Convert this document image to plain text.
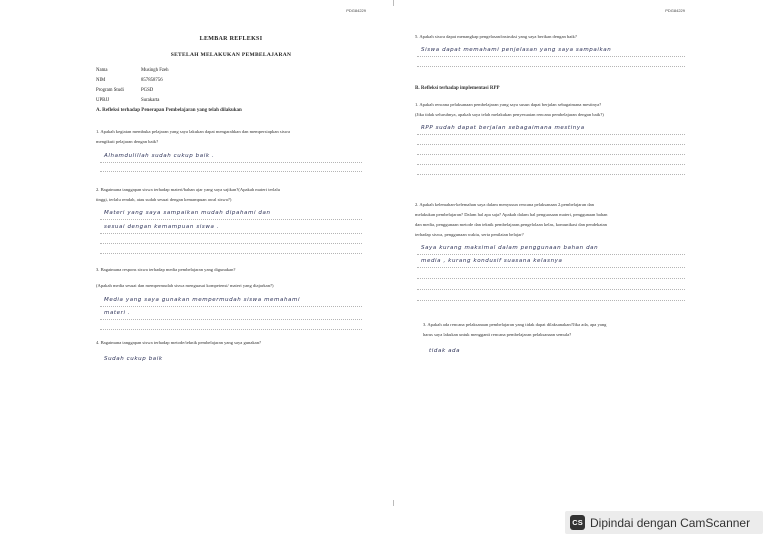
PDG84229
LEMBAR REFLEKSI
SETELAH MELAKUKAN PEMBELAJARAN
Nama	Musingh Fzeh
NIM	857858756
Program Studi	PGSD
UPBJJ	Surakarta
A. Refleksi terhadap Penerapan Pembelajaran yang telah dilakukan
1. Apakah kegiatan membuka pelajaran yang saya lakukan dapat mengarahkan dan mempersiapkan siswa
mengikuti pelajaran dengan baik?
Alhamdulillah sudah cukup baik .
2. Bagaimana tanggapan siswa terhadap materi/bahan ajar yang saya sajikan?(Apakah materi terlalu
tinggi, terlalu rendah, atau sudah sesuai dengan kemampuan awal siswa?)
Materi yang saya sampaikan mudah dipahami dan
sesuai dengan kemampuan siswa .
3. Bagaimana respons siswa terhadap media pembelajaran yang digunakan?
(Apakah media sesuai dan mempermudah siswa menguasai kompetensi/ materi yang diajarkan?)
Media yang saya gunakan mempermudah siswa memahami
materi .
4. Bagaimana tanggapan siswa terhadap metode/teknik pembelajaran yang saya gunakan?
Sudah cukup baik
PDG84229
5. Apakah siswa dapat menangkap pengelasan/instruksi yang saya berikan dengan baik?
Siswa dapat memahami penjelasan yang saya sampaikan
B. Refleksi terhadap implementasi RPP
1. Apakah rencana pelaksanaan pembelajaran yang saya susun dapat berjalan sebagaimana mestinya?
(Jika tidak seluruhnya, apakah saya telah melakukan penyesuaian rencana pembelajaran dengan baik?)
RPP sudah dapat berjalan sebagaimana mestinya
2. Apakah kelemahan-kelemahan saya dalam menyusun rencana pelaksanaan 2.pembelajaran dan
melakukan pembelajaran? Dalam hal apa saja? Apakah dalam hal penguasaan materi, penggunaan bahan
dan media, penggunaan metode dan teknik pembelajaran,pengelolaan kelas, komunikasi dan pendekatan
terhadap siswa, penggunaan waktu, serta penilaian belajar?
Saya kurang maksimal dalam penggunaan bahan dan
media , kurang kondusif suasana kelasnya
3. Apakah ada rencana pelaksanaan pembelajaran yang tidak dapat dilaksanakan?Jika ada, apa yang
harus saya lakukan untuk mengganti rencana pembelajaran pelaksanaan semula?
tidak ada
CS Dipindai dengan CamScanner
